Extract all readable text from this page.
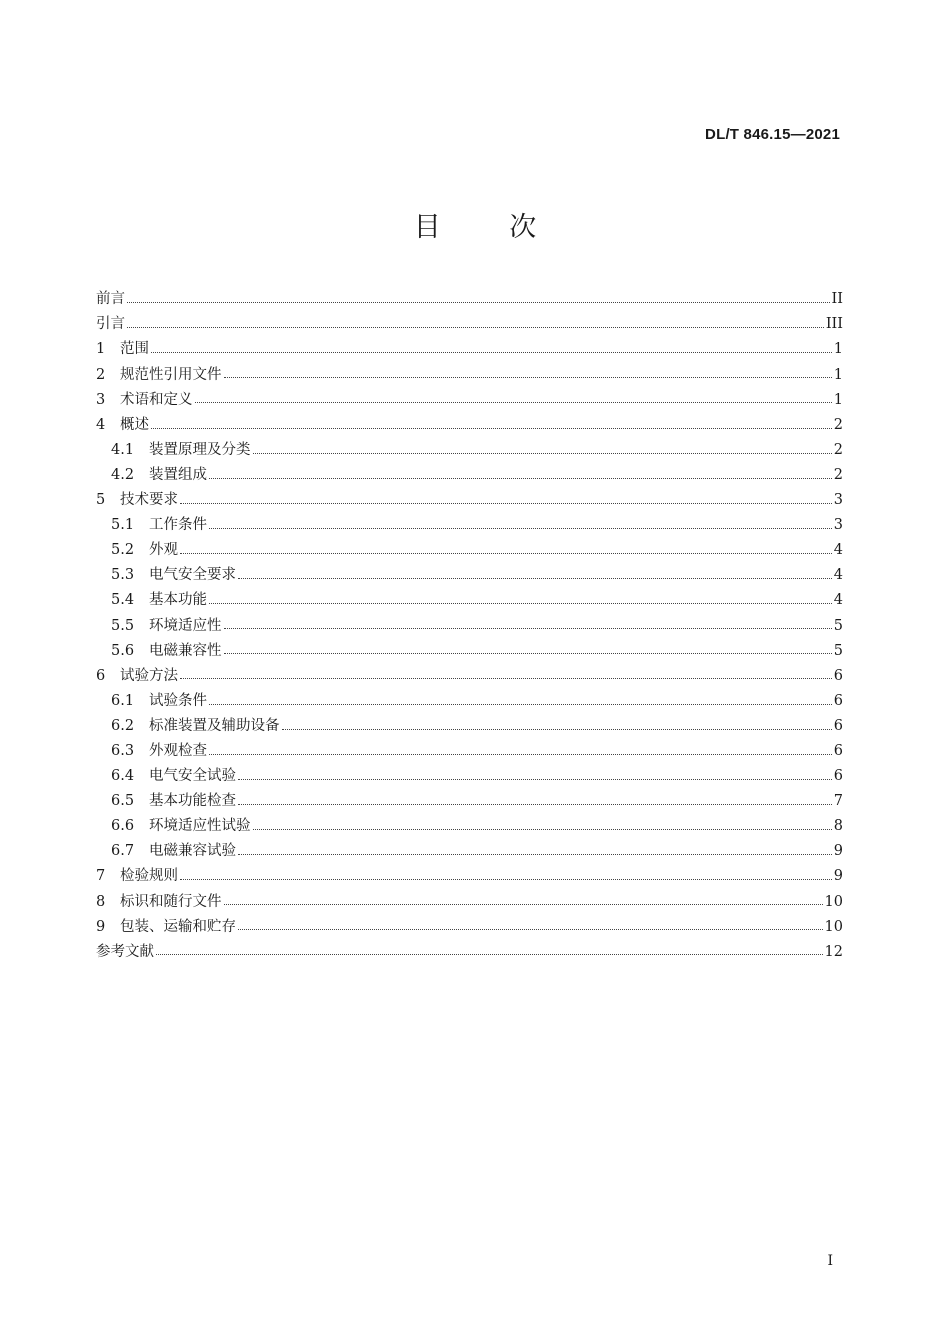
DL/T 846.15—2021
目	次
前言	II
引言	III
1	范围	1
2	规范性引用文件	1
3	术语和定义	1
4	概述	2
4.1	装置原理及分类	2
4.2	装置组成	2
5	技术要求	3
5.1	工作条件	3
5.2	外观	4
5.3	电气安全要求	4
5.4	基本功能	4
5.5	环境适应性	5
5.6	电磁兼容性	5
6	试验方法	6
6.1	试验条件	6
6.2	标准装置及辅助设备	6
6.3	外观检查	6
6.4	电气安全试验	6
6.5	基本功能检查	7
6.6	环境适应性试验	8
6.7	电磁兼容试验	9
7	检验规则	9
8	标识和随行文件	10
9	包装、运输和贮存	10
参考文献	12
I
